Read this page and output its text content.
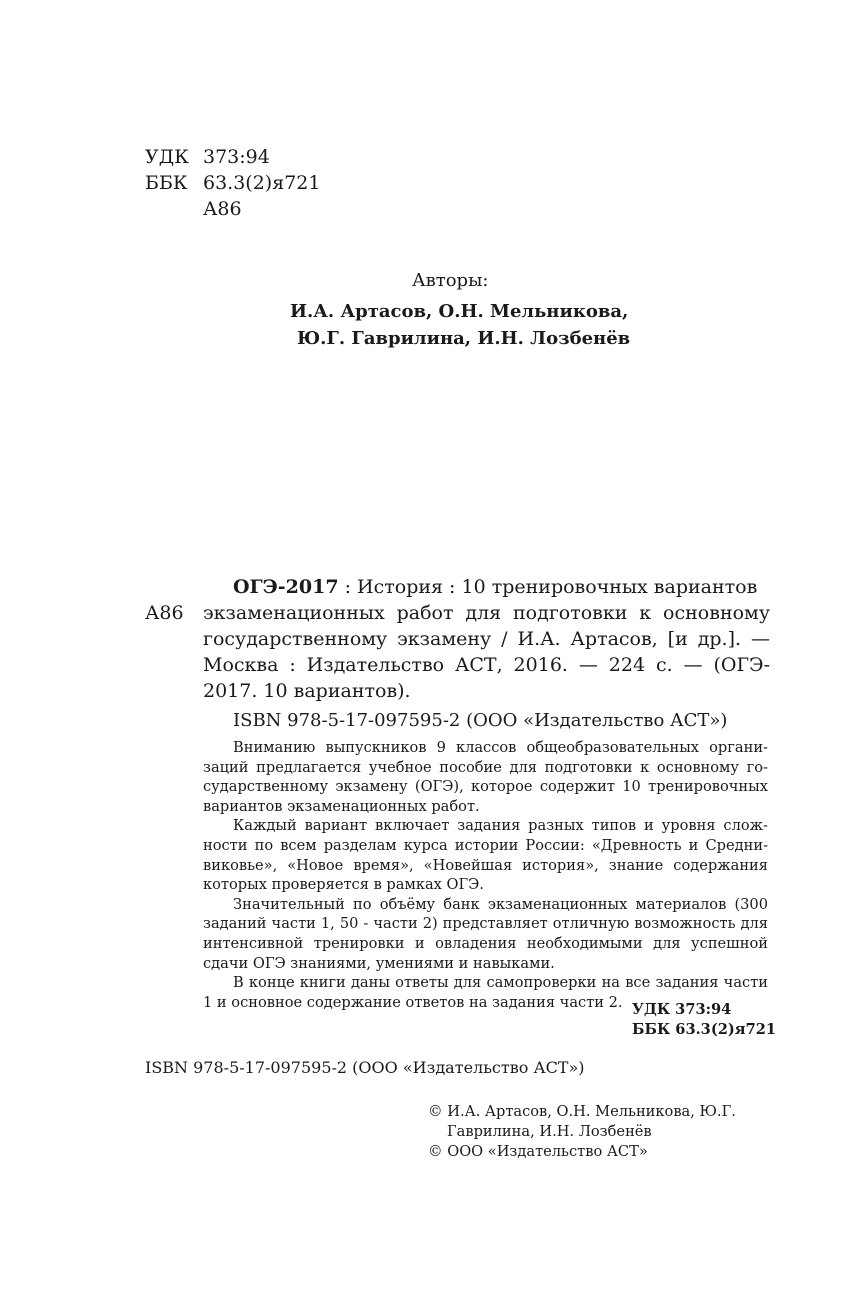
УДК 373:94
ББК 63.3(2)я721
А86
Авторы:
И.А. Артасов, О.Н. Мельникова,
Ю.Г. Гаврилина, И.Н. Лозбенёв
А86
ОГЭ-2017 : История : 10 тренировочных вариантов
экзаменационных работ для подготовки к основному
государственному экзамену / И.А. Артасов, [и др.]. —
Москва : Издательство АСТ, 2016. — 224 с. — (ОГЭ-
2017. 10 вариантов).
ISBN 978-5-17-097595-2 (ООО «Издательство АСТ»)
Вниманию выпускников 9 классов общеобразовательных органи-
заций предлагается учебное пособие для подготовки к основному го-
сударственному экзамену (ОГЭ), которое содержит 10 тренировочных
вариантов экзаменационных работ.
Каждый вариант включает задания разных типов и уровня слож-
ности по всем разделам курса истории России: «Древность и Средни-
виковье», «Новое время», «Новейшая история», знание содержания
которых проверяется в рамках ОГЭ.
Значительный по объёму банк экзаменационных материалов (300
заданий части 1, 50 - части 2) представляет отличную возможность для
интенсивной тренировки и овладения необходимыми для успешной
сдачи ОГЭ знаниями, умениями и навыками.
В конце книги даны ответы для самопроверки на все задания части
1 и основное содержание ответов на задания части 2. УДК 373:94
ББК 63.3(2)я721
ISBN 978-5-17-097595-2 (ООО «Издательство АСТ»)
© И.А. Артасов, О.Н. Мельникова, Ю.Г.
Гаврилина, И.Н. Лозбенёв
© ООО «Издательство АСТ»
